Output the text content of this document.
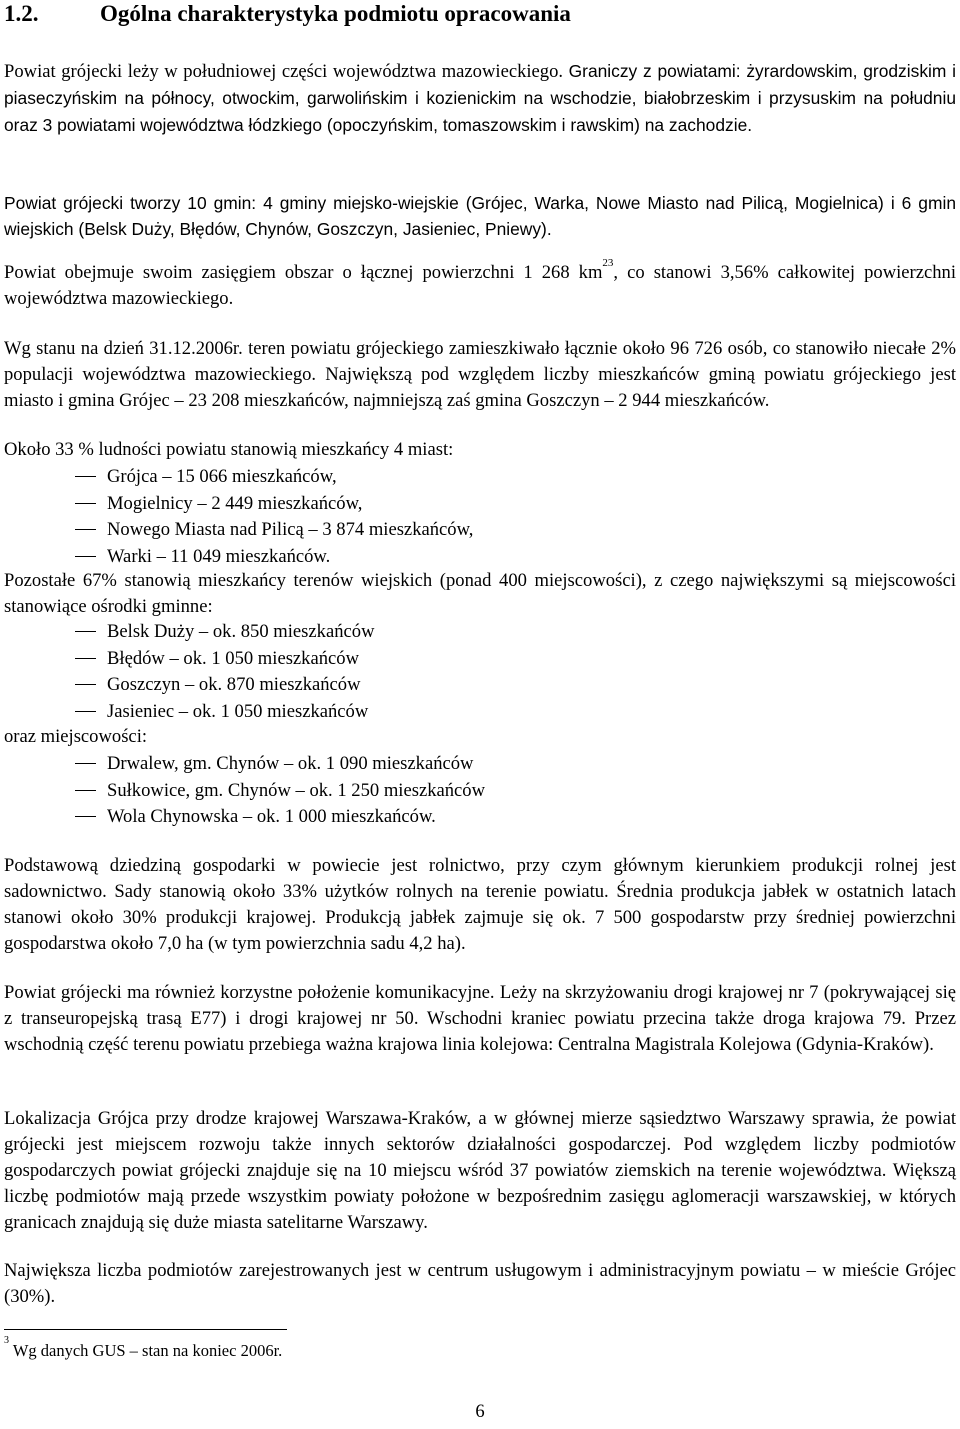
1.2.	Ogólna charakterystyka podmiotu opracowania

Powiat grójecki leży w południowej części województwa mazowieckiego. Graniczy z powiatami: żyrardowskim, grodziskim i piaseczyńskim na północy, otwockim, garwolińskim i kozienickim na wschodzie, białobrzeskim i przysuskim na południu oraz 3 powiatami województwa łódzkiego (opoczyńskim, tomaszowskim i rawskim) na zachodzie.

Powiat grójecki tworzy 10 gmin: 4 gminy miejsko-wiejskie (Grójec, Warka, Nowe Miasto nad Pilicą, Mogielnica) i 6 gmin wiejskich (Belsk Duży, Błędów, Chynów, Goszczyn, Jasieniec, Pniewy).

Powiat obejmuje swoim zasięgiem obszar o łącznej powierzchni 1 268 $km^{23}$, co stanowi 3,56% całkowitej powierzchni województwa mazowieckiego.

Wg stanu na dzień 31.12.2006r. teren powiatu grójeckiego zamieszkiwało łącznie około 96 726 osób, co stanowiło niecałe 2% populacji województwa mazowieckiego. Największą pod względem liczby mieszkańców gminą powiatu grójeckiego jest miasto i gmina Grójec – 23 208 mieszkańców, najmniejszą zaś gmina Goszczyn – 2 944 mieszkańców.

Około 33 % ludności powiatu stanowią mieszkańcy 4 miast:

Grójca – 15 066 mieszkańców,
Mogielnicy – 2 449 mieszkańców,
Nowego Miasta nad Pilicą – 3 874 mieszkańców,
Warki – 11 049 mieszkańców.

Pozostałe 67% stanowią mieszkańcy terenów wiejskich (ponad 400 miejscowości), z czego największymi są miejscowości stanowiące ośrodki gminne:

Belsk Duży – ok. 850 mieszkańców
Błędów – ok. 1 050 mieszkańców
Goszczyn – ok. 870 mieszkańców
Jasieniec – ok. 1 050 mieszkańców

oraz miejscowości:

Drwalew, gm. Chynów – ok. 1 090 mieszkańców
Sułkowice, gm. Chynów – ok. 1 250 mieszkańców
Wola Chynowska – ok. 1 000 mieszkańców.

Podstawową dziedziną gospodarki w powiecie jest rolnictwo, przy czym głównym kierunkiem produkcji rolnej jest sadownictwo. Sady stanowią około 33% użytków rolnych na terenie powiatu. Średnia produkcja jabłek w ostatnich latach stanowi około 30% produkcji krajowej. Produkcją jabłek zajmuje się ok. 7 500 gospodarstw przy średniej powierzchni gospodarstwa około 7,0 ha (w tym powierzchnia sadu 4,2 ha).

Powiat grójecki ma również korzystne położenie komunikacyjne. Leży na skrzyżowaniu drogi krajowej nr 7 (pokrywającej się z transeuropejską trasą E77) i drogi krajowej nr 50. Wschodni kraniec powiatu przecina także droga krajowa 79. Przez wschodnią część terenu powiatu przebiega ważna krajowa linia kolejowa: Centralna Magistrala Kolejowa (Gdynia-Kraków).

Lokalizacja Grójca przy drodze krajowej Warszawa-Kraków, a w głównej mierze sąsiedztwo Warszawy sprawia, że powiat grójecki jest miejscem rozwoju także innych sektorów działalności gospodarczej. Pod względem liczby podmiotów gospodarczych powiat grójecki znajduje się na 10 miejscu wśród 37 powiatów ziemskich na terenie województwa. Większą liczbę podmiotów mają przede wszystkim powiaty położone w bezpośrednim zasięgu aglomeracji warszawskiej, w których granicach znajdują się duże miasta satelitarne Warszawy.

Największa liczba podmiotów zarejestrowanych jest w centrum usługowym i administracyjnym powiatu – w mieście Grójec (30%).

$^3$ Wg danych GUS – stan na koniec 2006r.

6
